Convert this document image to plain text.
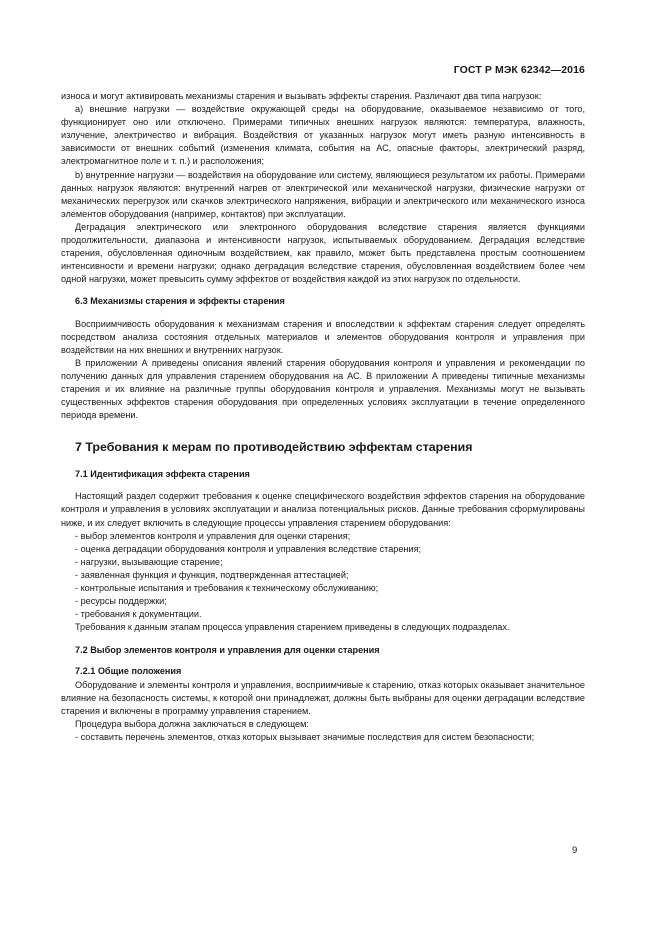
ГОСТ Р МЭК 62342—2016

износа и могут активировать механизмы старения и вызывать эффекты старения. Различают два типа нагрузок:

а) внешние нагрузки — воздействие окружающей среды на оборудование, оказываемое независимо от того, функционирует оно или отключено. Примерами типичных внешних нагрузок являются: температура, влажность, излучение, электричество и вибрация. Воздействия от указанных нагрузок могут иметь разную интенсивность в зависимости от внешних событий (изменения климата, события на АС, опасные факторы, электрический разряд, электромагнитное поле и т. п.) и расположения;

b) внутренние нагрузки — воздействия на оборудование или систему, являющиеся результатом их работы. Примерами данных нагрузок являются: внутренний нагрев от электрической или механической нагрузки, физические нагрузки от механических перегрузок или скачков электрического напряжения, вибрации и электрического или механического износа элементов оборудования (например, контактов) при эксплуатации.

Деградация электрического или электронного оборудования вследствие старения является функциями продолжительности, диапазона и интенсивности нагрузок, испытываемых оборудованием. Деградация вследствие старения, обусловленная одиночным воздействием, как правило, может быть представлена простым соотношением интенсивности и времени нагрузки; однако деградация вследствие старения, обусловленная воздействием более чем одной нагрузки, может превысить сумму эффектов от воздействия каждой из этих нагрузок по отдельности.

6.3 Механизмы старения и эффекты старения

Восприимчивость оборудования к механизмам старения и впоследствии к эффектам старения следует определять посредством анализа состояния отдельных материалов и элементов оборудования контроля и управления при воздействии на них внешних и внутренних нагрузок.

В приложении А приведены описания явлений старения оборудования контроля и управления и рекомендации по получению данных для управления старением оборудования на АС. В приложении А приведены типичные механизмы старения и их влияние на различные группы оборудования контроля и управления. Механизмы могут не вызывать существенных эффектов старения оборудования при определенных условиях эксплуатации в течение определенного периода времени.

7 Требования к мерам по противодействию эффектам старения

7.1 Идентификация эффекта старения

Настоящий раздел содержит требования к оценке специфического воздействия эффектов старения на оборудование контроля и управления в условиях эксплуатации и анализа потенциальных рисков. Данные требования сформулированы ниже, и их следует включить в следующие процессы управления старением оборудования:

- выбор элементов контроля и управления для оценки старения;
- оценка деградации оборудования контроля и управления вследствие старения;
- нагрузки, вызывающие старение;
- заявленная функция и функция, подтвержденная аттестацией;
- контрольные испытания и требования к техническому обслуживанию;
- ресурсы поддержки;
- требования к документации.

Требования к данным этапам процесса управления старением приведены в следующих подразделах.

7.2 Выбор элементов контроля и управления для оценки старения

7.2.1 Общие положения

Оборудование и элементы контроля и управления, восприимчивые к старению, отказ которых оказывает значительное влияние на безопасность системы, к которой они принадлежат, должны быть выбраны для оценки деградации вследствие старения и включены в программу управления старением.

Процедура выбора должна заключаться в следующем:

- составить перечень элементов, отказ которых вызывает значимые последствия для систем безопасности;

9
